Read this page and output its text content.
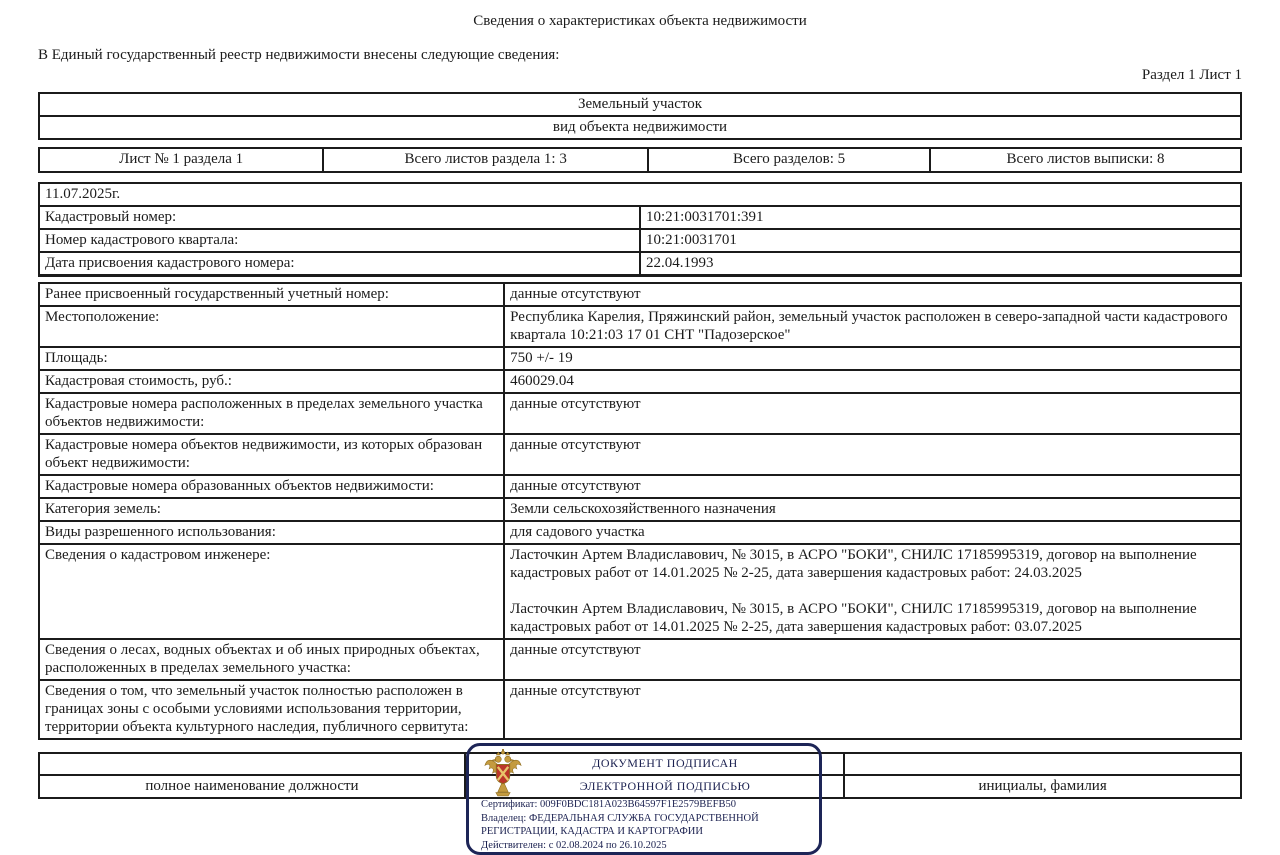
Сведения о характеристиках объекта недвижимости
В Единый государственный реестр недвижимости внесены следующие сведения:
Раздел 1 Лист 1
Земельный участок
вид объекта недвижимости
Лист № 1 раздела 1	Всего листов раздела 1: 3	Всего разделов: 5	Всего листов выписки: 8
11.07.2025г.	
Кадастровый номер:	10:21:0031701:391
Номер кадастрового квартала:	10:21:0031701
Дата присвоения кадастрового номера:	22.04.1993
Ранее присвоенный государственный учетный номер:	данные отсутствуют
Местоположение:	Республика Карелия, Пряжинский район, земельный участок расположен в северо-западной части кадастрового квартала 10:21:03 17 01 СНТ "Падозерское"
Площадь:	750 +/- 19
Кадастровая стоимость, руб.:	460029.04
Кадастровые номера расположенных в пределах земельного участка объектов недвижимости:	данные отсутствуют
Кадастровые номера объектов недвижимости, из которых образован объект недвижимости:	данные отсутствуют
Кадастровые номера образованных объектов недвижимости:	данные отсутствуют
Категория земель:	Земли сельскохозяйственного назначения
Виды разрешенного использования:	для садового участка
Сведения о кадастровом инженере:	Ласточкин Артем Владиславович, № 3015, в АСРО "БОКИ", СНИЛС 17185995319, договор на выполнение кадастровых работ от 14.01.2025 № 2-25, дата завершения кадастровых работ: 24.03.2025
Ласточкин Артем Владиславович, № 3015, в АСРО "БОКИ", СНИЛС 17185995319, договор на выполнение кадастровых работ от 14.01.2025 № 2-25, дата завершения кадастровых работ: 03.07.2025

Сведения о лесах, водных объектах и об иных природных объектах, расположенных в пределах земельного участка:	данные отсутствуют
Сведения о том, что земельный участок полностью расположен в границах зоны с особыми условиями использования территории, территории объекта культурного наследия, публичного сервитута:	данные отсутствуют

полное наименование должности		инициалы, фамилия
ДОКУМЕНТ ПОДПИСАН
ЭЛЕКТРОННОЙ ПОДПИСЬЮ
Сертификат: 009F0BDC181A023B64597F1E2579BEFB50
Владелец: ФЕДЕРАЛЬНАЯ СЛУЖБА ГОСУДАРСТВЕННОЙ
РЕГИСТРАЦИИ, КАДАСТРА И КАРТОГРАФИИ
Действителен: с 02.08.2024 по 26.10.2025
